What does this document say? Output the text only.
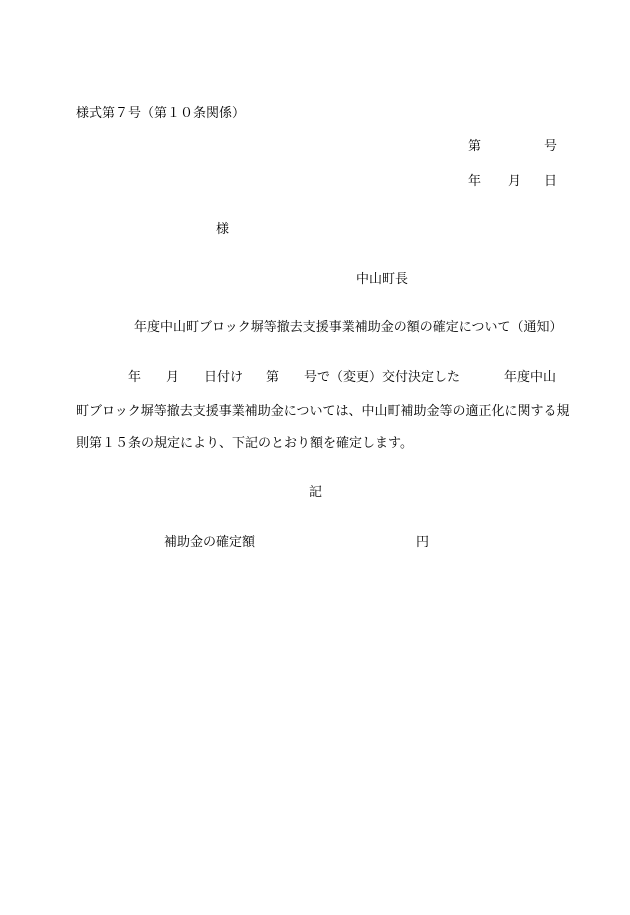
様式第７号（第１０条関係）
第	号
年 月 日
様
中山町長
年度中山町ブロック塀等撤去支援事業補助金の額の確定について（通知）
年 月 日付け 第 号で（変更）交付決定した	年度中山
町ブロック塀等撤去支援事業補助金については、中山町補助金等の適正化に関する規
則第１５条の規定により、下記のとおり額を確定します。
記
補助金の確定額	円
